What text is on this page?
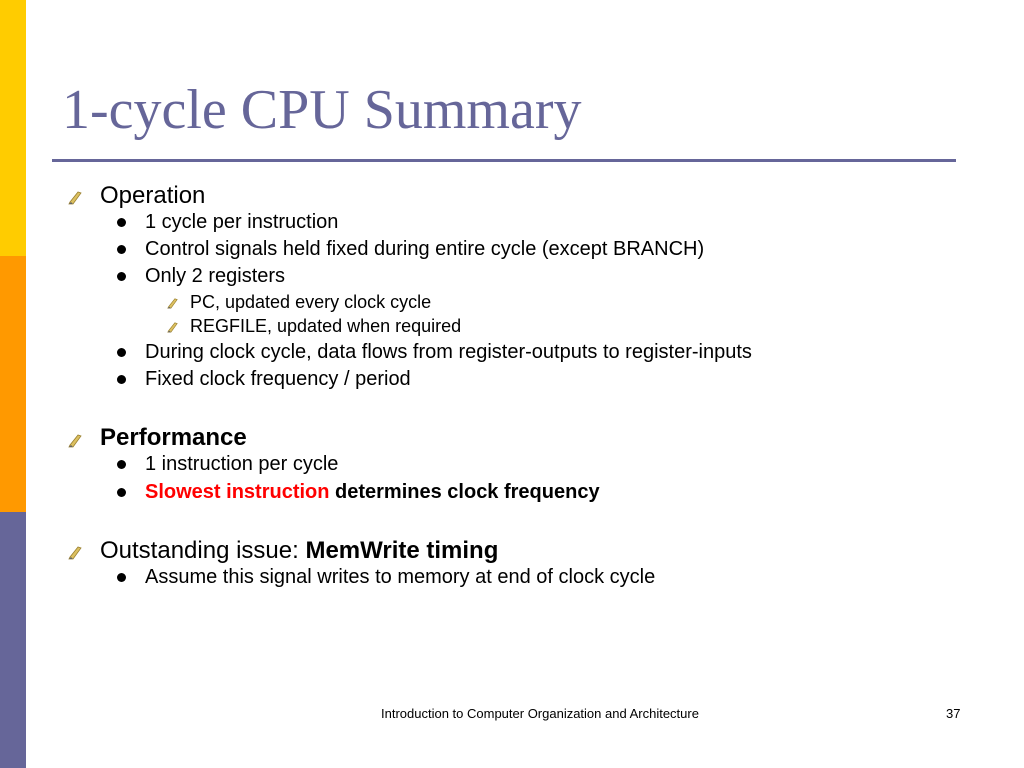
1-cycle CPU Summary
Operation
1 cycle per instruction
Control signals held fixed during entire cycle (except BRANCH)
Only 2 registers
PC, updated every clock cycle
REGFILE, updated when required
During clock cycle, data flows from register-outputs to register-inputs
Fixed clock frequency / period
Performance
1 instruction per cycle
Slowest instruction determines clock frequency
Outstanding issue: MemWrite timing
Assume this signal writes to memory at end of clock cycle
Introduction to Computer Organization and Architecture	37
